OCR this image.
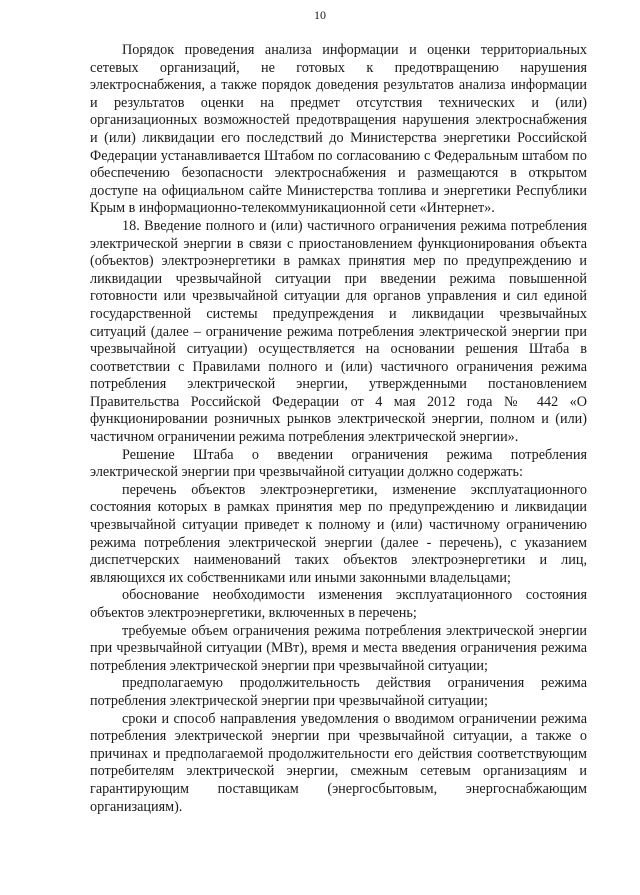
10

Порядок проведения анализа информации и оценки территориальных сетевых организаций, не готовых к предотвращению нарушения электроснабжения, а также порядок доведения результатов анализа информации и результатов оценки на предмет отсутствия технических и (или) организационных возможностей предотвращения нарушения электроснабжения и (или) ликвидации его последствий до Министерства энергетики Российской Федерации устанавливается Штабом по согласованию с Федеральным штабом по обеспечению безопасности электроснабжения и размещаются в открытом доступе на официальном сайте Министерства топлива и энергетики Республики Крым в информационно-телекоммуникационной сети «Интернет».

18. Введение полного и (или) частичного ограничения режима потребления электрической энергии в связи с приостановлением функционирования объекта (объектов) электроэнергетики в рамках принятия мер по предупреждению и ликвидации чрезвычайной ситуации при введении режима повышенной готовности или чрезвычайной ситуации для органов управления и сил единой государственной системы предупреждения и ликвидации чрезвычайных ситуаций (далее – ограничение режима потребления электрической энергии при чрезвычайной ситуации) осуществляется на основании решения Штаба в соответствии с Правилами полного и (или) частичного ограничения режима потребления электрической энергии, утвержденными постановлением Правительства Российской Федерации от 4 мая 2012 года № 442 «О функционировании розничных рынков электрической энергии, полном и (или) частичном ограничении режима потребления электрической энергии».

Решение Штаба о введении ограничения режима потребления электрической энергии при чрезвычайной ситуации должно содержать:

перечень объектов электроэнергетики, изменение эксплуатационного состояния которых в рамках принятия мер по предупреждению и ликвидации чрезвычайной ситуации приведет к полному и (или) частичному ограничению режима потребления электрической энергии (далее - перечень), с указанием диспетчерских наименований таких объектов электроэнергетики и лиц, являющихся их собственниками или иными законными владельцами;

обоснование необходимости изменения эксплуатационного состояния объектов электроэнергетики, включенных в перечень;

требуемые объем ограничения режима потребления электрической энергии при чрезвычайной ситуации (МВт), время и места введения ограничения режима потребления электрической энергии при чрезвычайной ситуации;

предполагаемую продолжительность действия ограничения режима потребления электрической энергии при чрезвычайной ситуации;

сроки и способ направления уведомления о вводимом ограничении режима потребления электрической энергии при чрезвычайной ситуации, а также о причинах и предполагаемой продолжительности его действия соответствующим потребителям электрической энергии, смежным сетевым организациям и гарантирующим поставщикам (энергосбытовым, энергоснабжающим организациям).
